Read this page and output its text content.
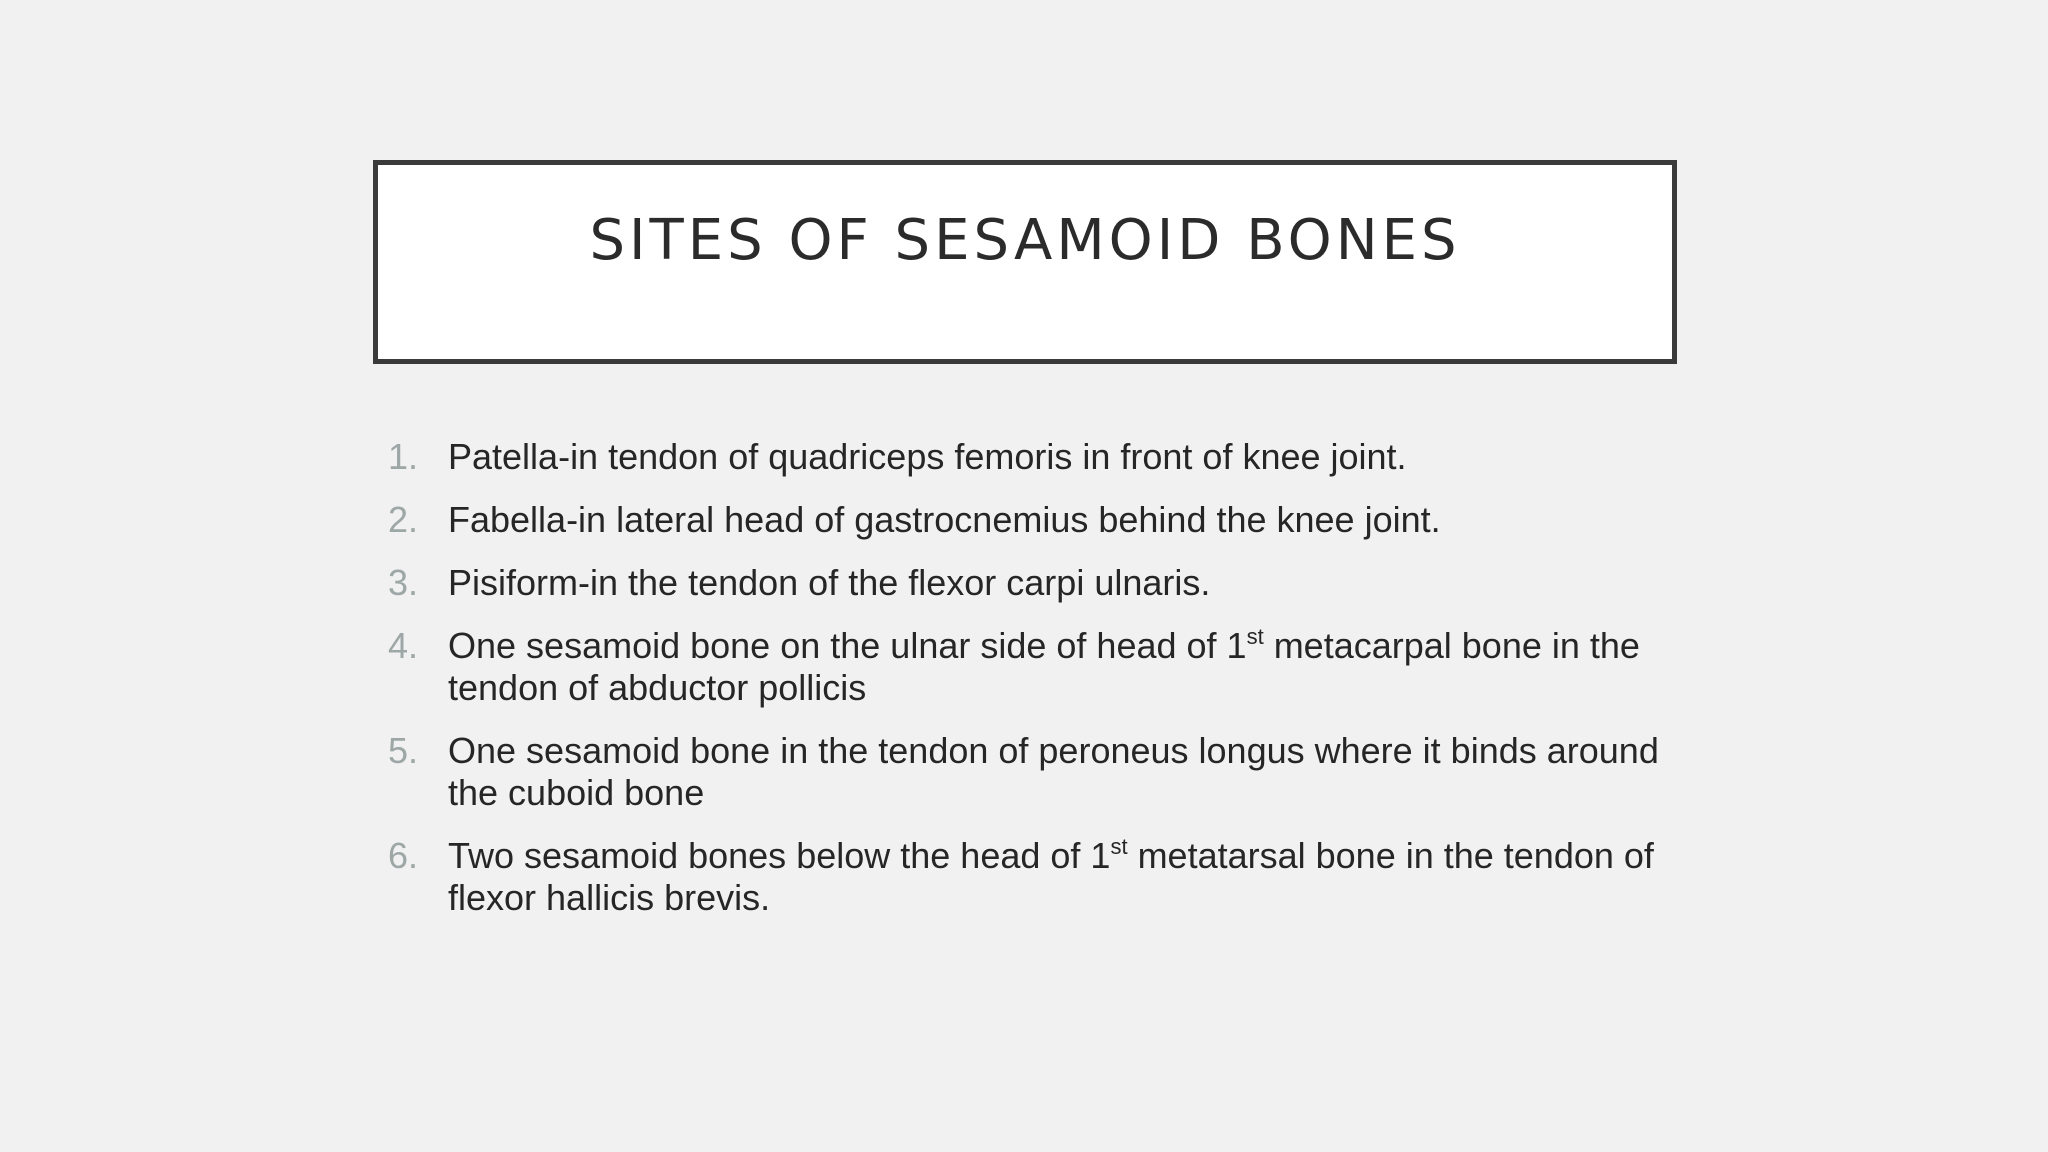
SITES OF SESAMOID BONES
1. Patella-in tendon of quadriceps femoris in front of knee joint.
2. Fabella-in lateral head of gastrocnemius behind the knee joint.
3. Pisiform-in the tendon of the flexor carpi ulnaris.
4. One sesamoid bone on the ulnar side of head of 1st metacarpal bone in the tendon of abductor pollicis
5. One sesamoid bone in the tendon of peroneus longus where it binds around the cuboid bone
6. Two sesamoid bones below the head of 1st metatarsal bone in the tendon of flexor hallicis brevis.
